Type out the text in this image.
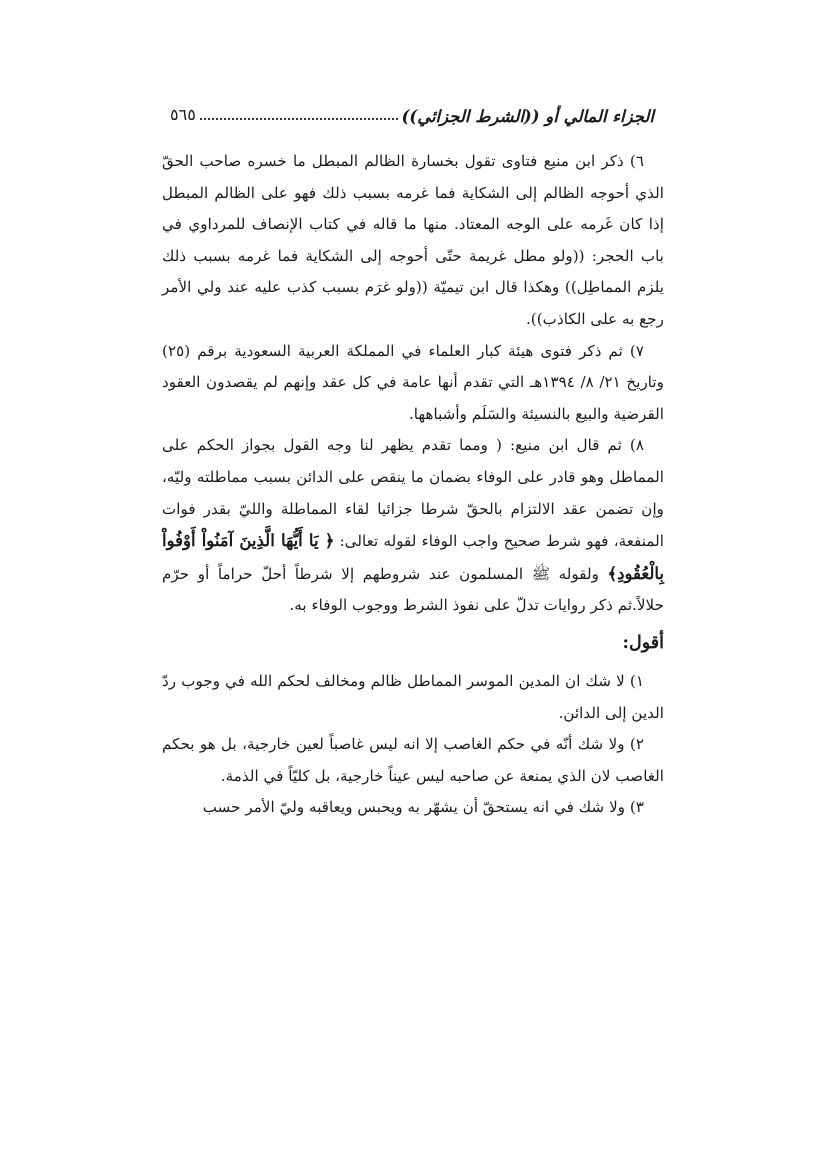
الجزاء المالي أو ((الشرط الجزائي))
٥٦٥

٦) ذكر ابن منيع فتاوى تقول بخسارة الظالم المبطل ما خسره صاحب الحقّ الذي أحوجه الظالم إلى الشكاية فما غرمه بسبب ذلك فهو على الظالم المبطل إذا كان غَرمه على الوجه المعتاد. منها ما قاله في كتاب الإنصاف للمرداوي في باب الحجر: ((ولو مطل غريمة حتّى أحوجه إلى الشكاية فما غرمه بسبب ذلك يلزم المماطِل)) وهكذا قال ابن تيميّة ((ولو غرَم بسبب كذب عليه عند ولي الأمر رجع به على الكاذب)).

٧) ثم ذكر فتوى هيئة كبار العلماء في المملكة العربية السعودية برقم (٢٥) وتاريخ ٢١/ ٨/ ١٣٩٤هـ التي تقدم أنها عامة في كل عقد وإنهم لم يقصدون العقود القرضية والبيع بالنسيئة والسَلَم وأشباهها.

٨) ثم قال ابن منيع: ( ومما تقدم يظهر لنا وجه القول بجواز الحكم على المماطل وهو قادر على الوفاء بضمان ما ينقص على الدائن بسبب مماطلته وليّه، وإن تضمن عقد الالتزام بالحقّ شرطا جزائيا لقاء المماطلة والليّ بقدر فوات المنفعة، فهو شرط صحيح واجب الوفاء لقوله تعالى: ﴿ يَا أَيُّهَا الَّذِينَ آمَنُواْ أَوْفُواْ بِالْعُقُودِ﴾ ولقوله ﷺ المسلمون عند شروطهم إلا شرطاً أحلّ حراماً أو حرّم حلالاً.ثم ذكر روايات تدلّ على نفوذ الشرط ووجوب الوفاء به.

أقول:

١) لا شك ان المدين الموسر المماطل ظالم ومخالف لحكم الله في وجوب ردّ الدين إلى الدائن.

٢) ولا شك أنّه في حكم الغاصب إلا انه ليس غاصباً لعين خارجية، بل هو بحكم الغاصب لان الذي يمنعة عن صاحبه ليس عيناً خارجية، بل كليّاً في الذمة.

٣) ولا شك في انه يستحقّ أن يشهّر به ويحبس ويعاقبه وليّ الأمر حسب
